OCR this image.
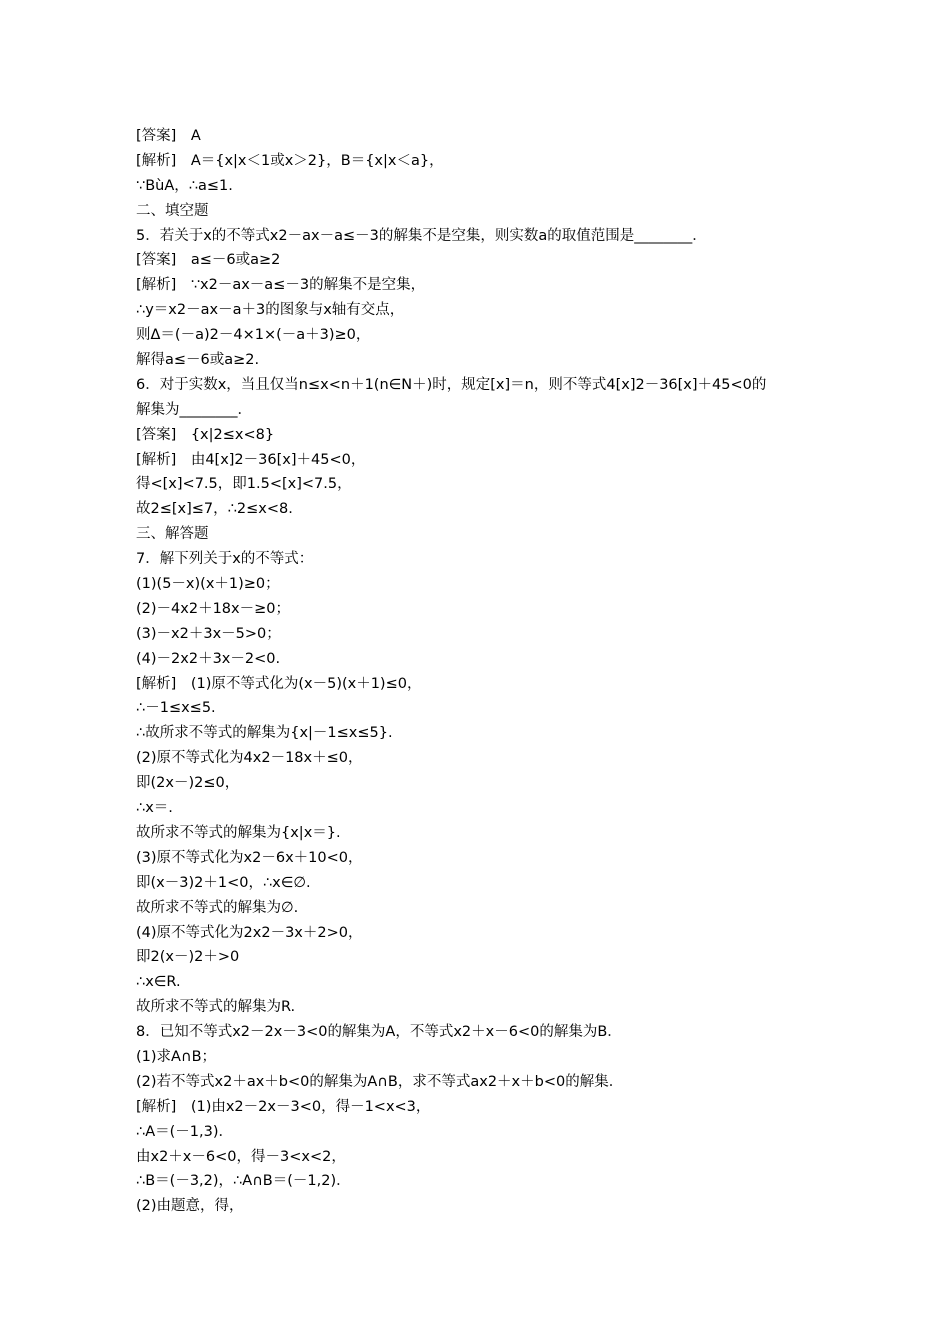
[答案]　A
[解析]　A＝{x|x＜1或x＞2}，B＝{x|x＜a}，
∵BùA，∴a≤1.
二、填空题
5．若关于x的不等式x2－ax－a≤－3的解集不是空集，则实数a的取值范围是________．
[答案]　a≤－6或a≥2
[解析]　∵x2－ax－a≤－3的解集不是空集，
∴y＝x2－ax－a＋3的图象与x轴有交点，
则Δ＝(－a)2－4×1×(－a＋3)≥0，
解得a≤－6或a≥2.
6．对于实数x，当且仅当n≤x<n＋1(n∈N＋)时，规定[x]＝n，则不等式4[x]2－36[x]＋45<0的
解集为________．
[答案]　{x|2≤x<8}
[解析]　由4[x]2－36[x]＋45<0，
得<[x]<7.5，即1.5<[x]<7.5，
故2≤[x]≤7，∴2≤x<8.
三、解答题
7．解下列关于x的不等式：
(1)(5－x)(x＋1)≥0；
(2)－4x2＋18x－≥0；
(3)－x2＋3x－5>0；
(4)－2x2＋3x－2<0.
[解析]　(1)原不等式化为(x－5)(x＋1)≤0，
∴－1≤x≤5.
∴故所求不等式的解集为{x|－1≤x≤5}.
(2)原不等式化为4x2－18x＋≤0，
即(2x－)2≤0，
∴x＝.
故所求不等式的解集为{x|x＝}.
(3)原不等式化为x2－6x＋10<0，
即(x－3)2＋1<0，∴x∈∅.
故所求不等式的解集为∅.
(4)原不等式化为2x2－3x＋2>0，
即2(x－)2＋>0
∴x∈R.
故所求不等式的解集为R.
8．已知不等式x2－2x－3<0的解集为A，不等式x2＋x－6<0的解集为B．
(1)求A∩B；
(2)若不等式x2＋ax＋b<0的解集为A∩B，求不等式ax2＋x＋b<0的解集．
[解析]　(1)由x2－2x－3<0，得－1<x<3，
∴A＝(－1,3)．
由x2＋x－6<0，得－3<x<2，
∴B＝(－3,2)，∴A∩B＝(－1,2)．
(2)由题意，得，
